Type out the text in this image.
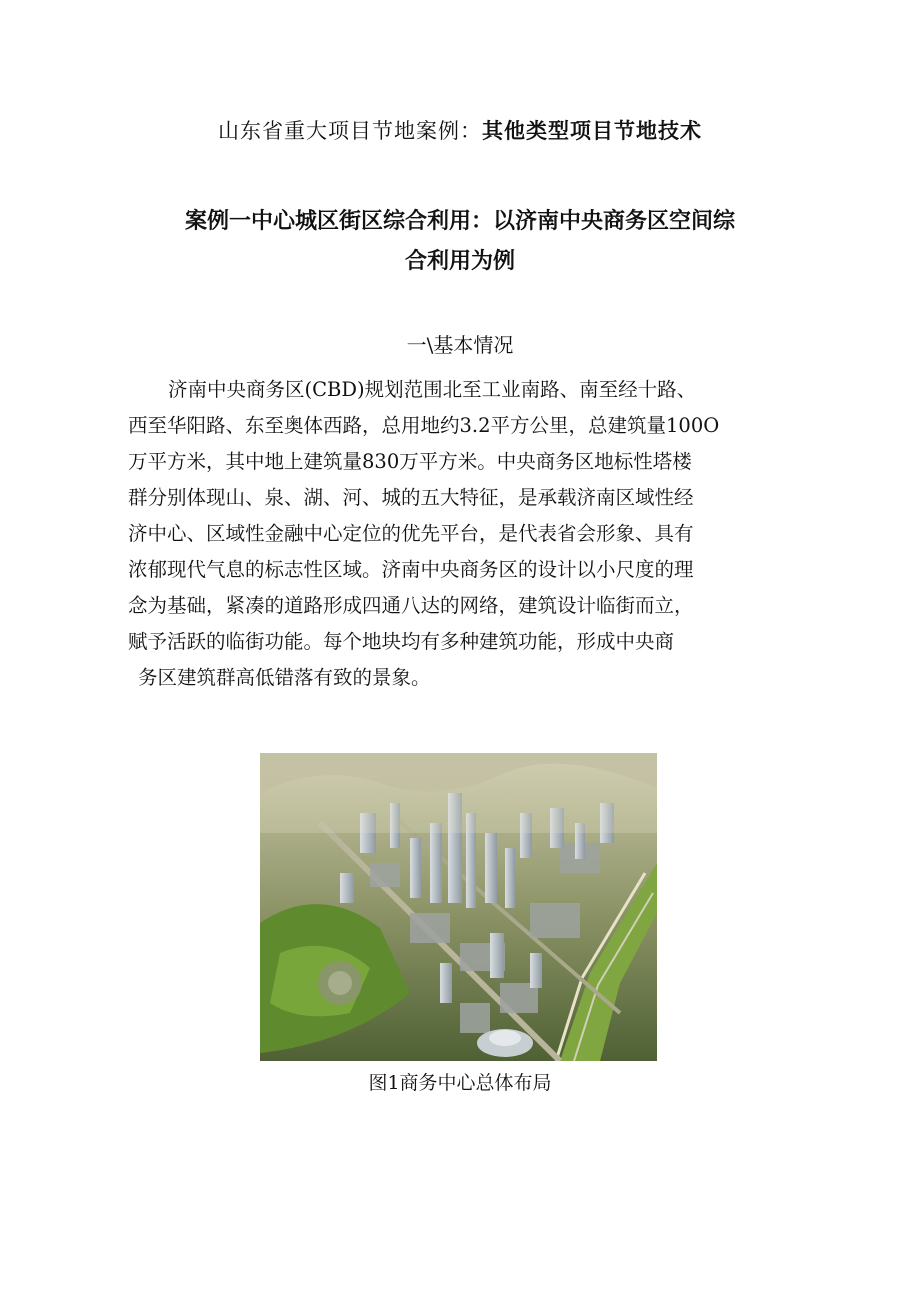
山东省重大项目节地案例：其他类型项目节地技术
案例一中心城区街区综合利用：以济南中央商务区空间综
合利用为例
一\基本情况
济南中央商务区(CBD)规划范围北至工业南路、南至经十路、
西至华阳路、东至奥体西路，总用地约3.2平方公里，总建筑量100O
万平方米，其中地上建筑量830万平方米。中央商务区地标性塔楼
群分别体现山、泉、湖、河、城的五大特征，是承载济南区域性经
济中心、区域性金融中心定位的优先平台，是代表省会形象、具有
浓郁现代气息的标志性区域。济南中央商务区的设计以小尺度的理
念为基础，紧凑的道路形成四通八达的网络，建筑设计临街而立，
赋予活跃的临街功能。每个地块均有多种建筑功能，形成中央商
务区建筑群高低错落有致的景象。
图1商务中心总体布局
